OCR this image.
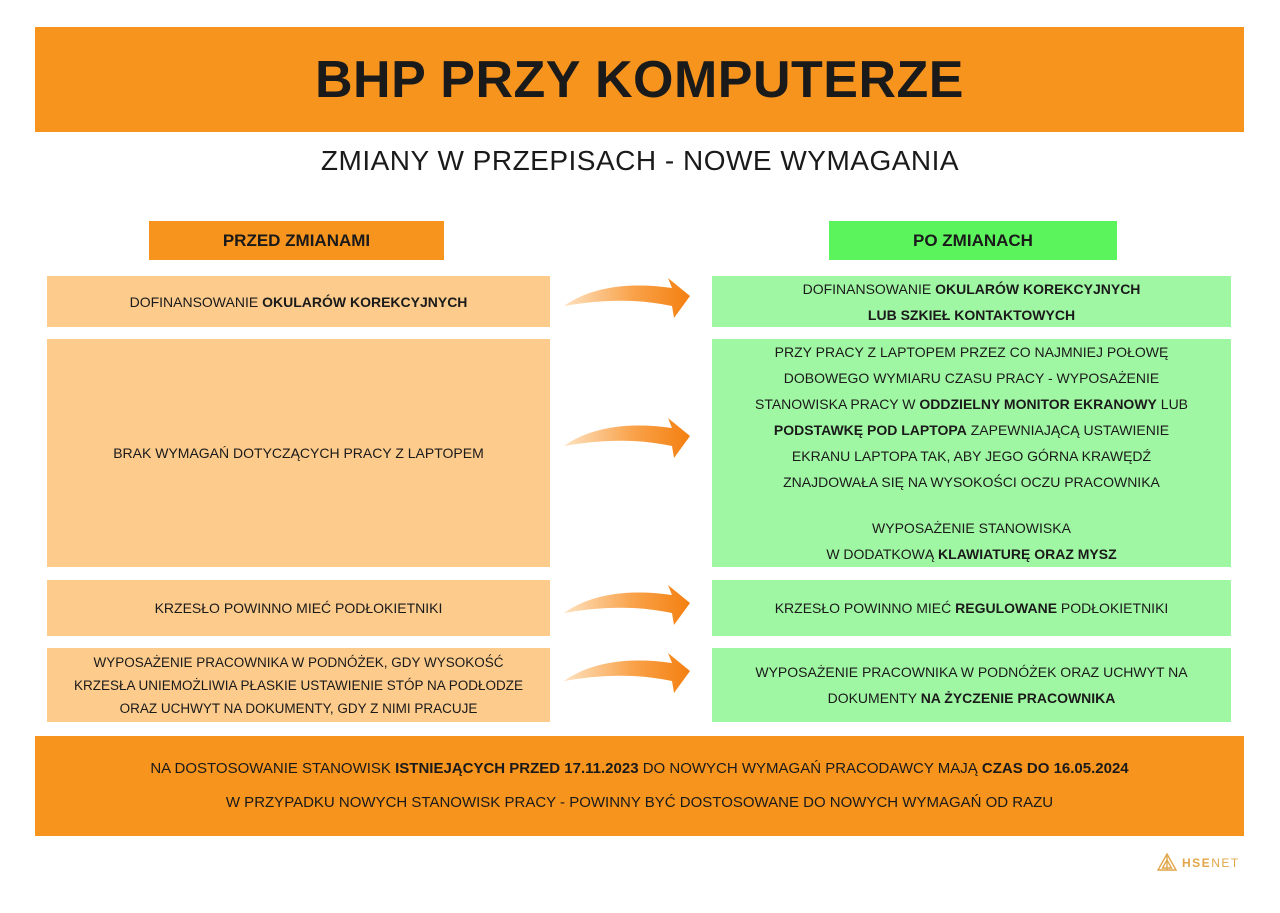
BHP PRZY KOMPUTERZE
ZMIANY W PRZEPISACH - NOWE WYMAGANIA
PRZED ZMIANAMI	PO ZMIANACH
DOFINANSOWANIE OKULARÓW KOREKCYJNYCH
DOFINANSOWANIE OKULARÓW KOREKCYJNYCH
LUB SZKIEŁ KONTAKTOWYCH
BRAK WYMAGAŃ DOTYCZĄCYCH PRACY Z LAPTOPEM
PRZY PRACY Z LAPTOPEM PRZEZ CO NAJMNIEJ POŁOWĘ
DOBOWEGO WYMIARU CZASU PRACY - WYPOSAŻENIE
STANOWISKA PRACY W ODDZIELNY MONITOR EKRANOWY LUB
PODSTAWKĘ POD LAPTOPA ZAPEWNIAJĄCĄ USTAWIENIE
EKRANU LAPTOPA TAK, ABY JEGO GÓRNA KRAWĘDŹ
ZNAJDOWAŁA SIĘ NA WYSOKOŚCI OCZU PRACOWNIKA
WYPOSAŻENIE STANOWISKA
W DODATKOWĄ KLAWIATURĘ ORAZ MYSZ
KRZESŁO POWINNO MIEĆ PODŁOKIETNIKI	KRZESŁO POWINNO MIEĆ REGULOWANE PODŁOKIETNIKI
WYPOSAŻENIE PRACOWNIKA W PODNÓŻEK, GDY WYSOKOŚĆ
KRZESŁA UNIEMOŻLIWIA PŁASKIE USTAWIENIE STÓP NA PODŁODZE
ORAZ UCHWYT NA DOKUMENTY, GDY Z NIMI PRACUJE
WYPOSAŻENIE PRACOWNIKA W PODNÓŻEK ORAZ UCHWYT NA
DOKUMENTY NA ŻYCZENIE PRACOWNIKA
NA DOSTOSOWANIE STANOWISK ISTNIEJĄCYCH PRZED 17.11.2023 DO NOWYCH WYMAGAŃ PRACODAWCY MAJĄ CZAS DO 16.05.2024
W PRZYPADKU NOWYCH STANOWISK PRACY - POWINNY BYĆ DOSTOSOWANE DO NOWYCH WYMAGAŃ OD RAZU
HSENET
